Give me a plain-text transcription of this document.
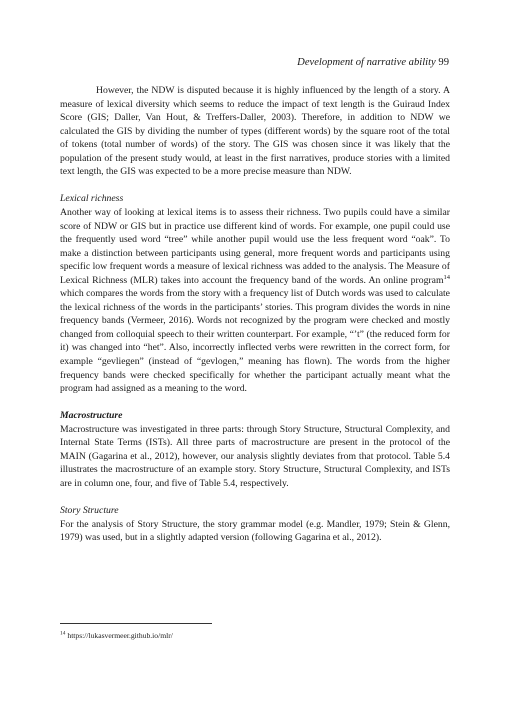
Development of narrative ability 99

However, the NDW is disputed because it is highly influenced by the length of a story. A measure of lexical diversity which seems to reduce the impact of text length is the Guiraud Index Score (GIS; Daller, Van Hout, & Treffers-Daller, 2003). Therefore, in addition to NDW we calculated the GIS by dividing the number of types (different words) by the square root of the total of tokens (total number of words) of the story. The GIS was chosen since it was likely that the population of the present study would, at least in the first narratives, produce stories with a limited text length, the GIS was expected to be a more precise measure than NDW.

Lexical richness

Another way of looking at lexical items is to assess their richness. Two pupils could have a similar score of NDW or GIS but in practice use different kind of words. For example, one pupil could use the frequently used word “tree” while another pupil would use the less frequent word “oak”. To make a distinction between participants using general, more frequent words and participants using specific low frequent words a measure of lexical richness was added to the analysis. The Measure of Lexical Richness (MLR) takes into account the frequency band of the words. An online program$^{14}$ which compares the words from the story with a frequency list of Dutch words was used to calculate the lexical richness of the words in the participants’ stories. This program divides the words in nine frequency bands (Vermeer, 2016). Words not recognized by the program were checked and mostly changed from colloquial speech to their written counterpart. For example, “’t” (the reduced form for it) was changed into “het”. Also, incorrectly inflected verbs were rewritten in the correct form, for example “gevliegen” (instead of “gevlogen,” meaning has flown). The words from the higher frequency bands were checked specifically for whether the participant actually meant what the program had assigned as a meaning to the word.

Macrostructure

Macrostructure was investigated in three parts: through Story Structure, Structural Complexity, and Internal State Terms (ISTs). All three parts of macrostructure are present in the protocol of the MAIN (Gagarina et al., 2012), however, our analysis slightly deviates from that protocol. Table 5.4 illustrates the macrostructure of an example story. Story Structure, Structural Complexity, and ISTs are in column one, four, and five of Table 5.4, respectively.

Story Structure

For the analysis of Story Structure, the story grammar model (e.g. Mandler, 1979; Stein & Glenn, 1979) was used, but in a slightly adapted version (following Gagarina et al., 2012).

$^{14}$ https://lukasvermeer.github.io/mlr/
